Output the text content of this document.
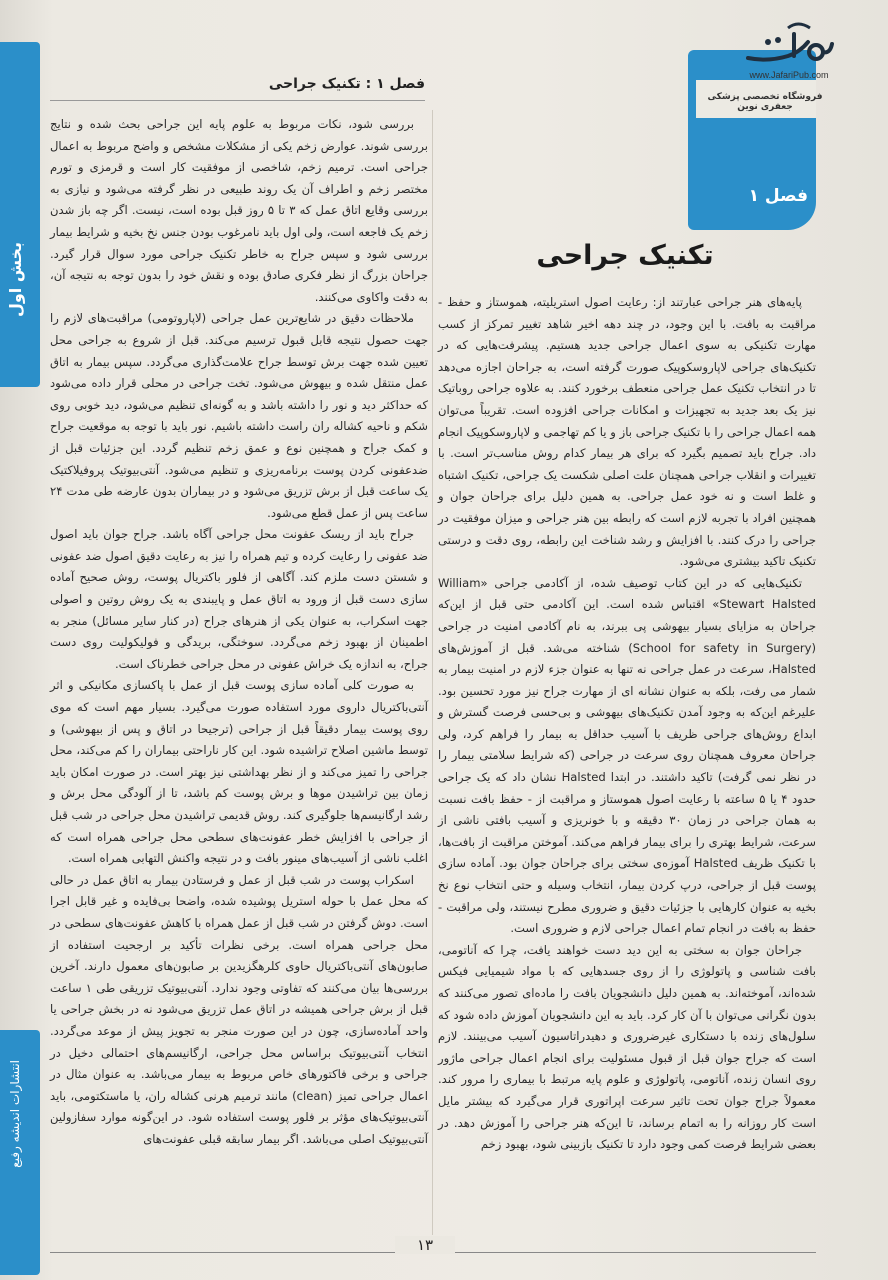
بخش اول
انتشارات اندیشه رفیع
فصل ۱
www.JafariPub.com
فروشگاه تخصصی پزشکی جعفری نوین
فصل ۱ : تکنیک جراحی
تکنیک جراحی

پایه‌های هنر جراحی عبارتند از: رعایت اصول استریلیته، هموستاز و حفظ - مراقبت به بافت. با این وجود، در چند دهه اخیر شاهد تغییر تمرکز از کسب مهارت تکنیکی به سوی اعمال جراحی جدید هستیم. پیشرفت‌هایی که در تکنیک‌های جراحی لاپاروسکوپیک صورت گرفته است، به جراحان اجازه می‌دهد تا در انتخاب تکنیک عمل جراحی منعطف برخورد کنند. به علاوه جراحی روباتیک نیز یک بعد جدید به تجهیزات و امکانات جراحی افزوده است. تقریباً می‌توان همه اعمال جراحی را با تکنیک جراحی باز و یا کم تهاجمی و لاپاروسکوپیک انجام داد. جراح باید تصمیم بگیرد که برای هر بیمار کدام روش مناسب‌تر است. با تغییرات و انقلاب جراحی همچنان علت اصلی شکست یک جراحی، تکنیک اشتباه و غلط است و نه خود عمل جراحی. به همین دلیل برای جراحان جوان و همچنین افراد با تجربه لازم است که رابطه بین هنر جراحی و میزان موفقیت در جراحی را درک کنند. با افزایش و رشد شناخت این رابطه، روی دقت و درستی تکنیک تاکید بیشتری می‌شود.

تکنیک‌هایی که در این کتاب توصیف شده، از آکادمی جراحی «William Stewart Halsted» اقتباس شده است. این آکادمی حتی قبل از این‌که جراحان به مزایای بسیار بیهوشی پی ببرند، به نام آکادمی امنیت در جراحی (School for safety in Surgery) شناخته می‌شد. قبل از آموزش‌های Halsted، سرعت در عمل جراحی نه تنها به عنوان جزء لازم در امنیت بیمار به شمار می رفت، بلکه به عنوان نشانه ای از مهارت جراح نیز مورد تحسین بود. علیرغم این‌که به وجود آمدن تکنیک‌های بیهوشی و بی‌حسی فرصت گسترش و ابداع روش‌های جراحی ظریف با آسیب حداقل به بیمار را فراهم کرد، ولی جراحان معروف همچنان روی سرعت در جراحی (که شرایط سلامتی بیمار را در نظر نمی گرفت) تاکید داشتند. در ابتدا Halsted نشان داد که یک جراحی حدود ۴ یا ۵ ساعته با رعایت اصول هموستاز و مراقبت از - حفظ بافت نسبت به همان جراحی در زمان ۳۰ دقیقه و با خونریزی و آسیب بافتی ناشی از سرعت، شرایط بهتری را برای بیمار فراهم می‌کند. آموختن مراقبت از بافت‌ها، با تکنیک ظریف Halsted آموزه‌ی سختی برای جراحان جوان بود. آماده سازی پوست قبل از جراحی، درپ کردن بیمار، انتخاب وسیله و حتی انتخاب نوع نخ بخیه به عنوان کارهایی با جزئیات دقیق و ضروری مطرح نیستند، ولی مراقبت - حفظ به بافت در انجام تمام اعمال جراحی لازم و ضروری است.

جراحان جوان به سختی به این دید دست خواهند یافت، چرا که آناتومی، بافت شناسی و پاتولوژی را از روی جسدهایی که با مواد شیمیایی فیکس شده‌اند، آموخته‌اند. به همین دلیل دانشجویان بافت را ماده‌ای تصور می‌کنند که بدون نگرانی می‌توان با آن کار کرد. باید به این دانشجویان آموزش داده شود که سلول‌های زنده با دستکاری غیرضروری و دهیدراتاسیون آسیب می‌بینند. لازم است که جراح جوان قبل از قبول مسئولیت برای انجام اعمال جراحی ماژور روی انسان زنده، آناتومی، پاتولوژی و علوم پایه مرتبط با بیماری را مرور کند. معمولاً جراح جوان تحت تاثیر سرعت اپراتوری قرار می‌گیرد که بیشتر مایل است کار روزانه را به اتمام برساند، تا این‌که هنر جراحی را آموزش دهد. در بعضی شرایط فرصت کمی وجود دارد تا تکنیک بازبینی شود، بهبود زخم

بررسی شود، نکات مربوط به علوم پایه این جراحی بحث شده و نتایج بررسی شوند. عوارض زخم یکی از مشکلات مشخص و واضح مربوط به اعمال جراحی است. ترمیم زخم، شاخصی از موفقیت کار است و قرمزی و تورم مختصر زخم و اطراف آن یک روند طبیعی در نظر گرفته می‌شود و نیازی به بررسی وقایع اتاق عمل که ۳ تا ۵ روز قبل بوده است، نیست. اگر چه باز شدن زخم یک فاجعه است، ولی اول باید نامرغوب بودن جنس نخ بخیه و شرایط بیمار بررسی شود و سپس جراح به خاطر تکنیک جراحی مورد سوال قرار گیرد. جراحان بزرگ از نظر فکری صادق بوده و نقش خود را بدون توجه به نتیجه آن، به دقت واکاوی می‌کنند.

ملاحظات دقیق در شایع‌ترین عمل جراحی (لاپاروتومی) مراقبت‌های لازم را جهت حصول نتیجه قابل قبول ترسیم می‌کند. قبل از شروع به جراحی محل تعیین شده جهت برش توسط جراح علامت‌گذاری می‌گردد. سپس بیمار به اتاق عمل منتقل شده و بیهوش می‌شود. تخت جراحی در محلی قرار داده می‌شود که حداکثر دید و نور را داشته باشد و به گونه‌ای تنظیم می‌شود، دید خوبی روی شکم و ناحیه کشاله ران راست داشته باشیم. نور باید با توجه به موقعیت جراح و کمک جراح و همچنین نوع و عمق زخم تنظیم گردد. این جزئیات قبل از ضدعفونی کردن پوست برنامه‌ریزی و تنظیم می‌شود. آنتی‌بیوتیک پروفیلاکتیک یک ساعت قبل از برش تزریق می‌شود و در بیماران بدون عارضه طی مدت ۲۴ ساعت پس از عمل قطع می‌شود.

جراح باید از ریسک عفونت محل جراحی آگاه باشد. جراح جوان باید اصول ضد عفونی را رعایت کرده و تیم همراه را نیز به رعایت دقیق اصول ضد عفونی و شستن دست ملزم کند. آگاهی از فلور باکتریال پوست، روش صحیح آماده سازی دست قبل از ورود به اتاق عمل و پایبندی به یک روش روتین و اصولی جهت اسکراب، به عنوان یکی از هنرهای جراح (در کنار سایر مسائل) منجر به اطمینان از بهبود زخم می‌گردد. سوختگی، بریدگی و فولیکولیت روی دست جراح، به اندازه یک خراش عفونی در محل جراحی خطرناک است.

به صورت کلی آماده سازی پوست قبل از عمل با پاکسازی مکانیکی و اثر آنتی‌باکتریال داروی مورد استفاده صورت می‌گیرد. بسیار مهم است که موی روی پوست بیمار دقیقاً قبل از جراحی (ترجیحا در اتاق و پس از بیهوشی) و توسط ماشین اصلاح تراشیده شود. این کار ناراحتی بیماران را کم می‌کند، محل جراحی را تمیز می‌کند و از نظر بهداشتی نیز بهتر است. در صورت امکان باید زمان بین تراشیدن موها و برش پوست کم باشد، تا از آلودگی محل برش و رشد ارگانیسم‌ها جلوگیری کند. روش قدیمی تراشیدن محل جراحی در شب قبل از جراحی با افزایش خطر عفونت‌های سطحی محل جراحی همراه است که اغلب ناشی از آسیب‌های مینور بافت و در نتیجه واکنش التهابی همراه است.

اسکراب پوست در شب قبل از عمل و فرستادن بیمار به اتاق عمل در حالی که محل عمل با حوله استریل پوشیده شده، واضحا بی‌فایده و غیر قابل اجرا است. دوش گرفتن در شب قبل از عمل همراه با کاهش عفونت‌های سطحی در محل جراحی همراه است. برخی نظرات تأکید بر ارجحیت استفاده از صابون‌های آنتی‌باکتریال حاوی کلرهگزیدین بر صابون‌های معمول دارند. آخرین بررسی‌ها بیان می‌کنند که تفاوتی وجود ندارد. آنتی‌بیوتیک تزریقی طی ۱ ساعت قبل از برش جراحی همیشه در اتاق عمل تزریق می‌شود نه در بخش جراحی یا واحد آماده‌سازی، چون در این صورت منجر به تجویز پیش از موعد می‌گردد. انتخاب آنتی‌بیوتیک براساس محل جراحی، ارگانیسم‌های احتمالی دخیل در جراحی و برخی فاکتورهای خاص مربوط به بیمار می‌باشد. به عنوان مثال در اعمال جراحی تمیز (clean) مانند ترمیم هرنی کشاله ران، یا ماستکتومی، باید آنتی‌بیوتیک‌های مؤثر بر فلور پوست استفاده شود. در این‌گونه موارد سفازولین آنتی‌بیوتیک اصلی می‌باشد. اگر بیمار سابقه قبلی عفونت‌های

۱۳
